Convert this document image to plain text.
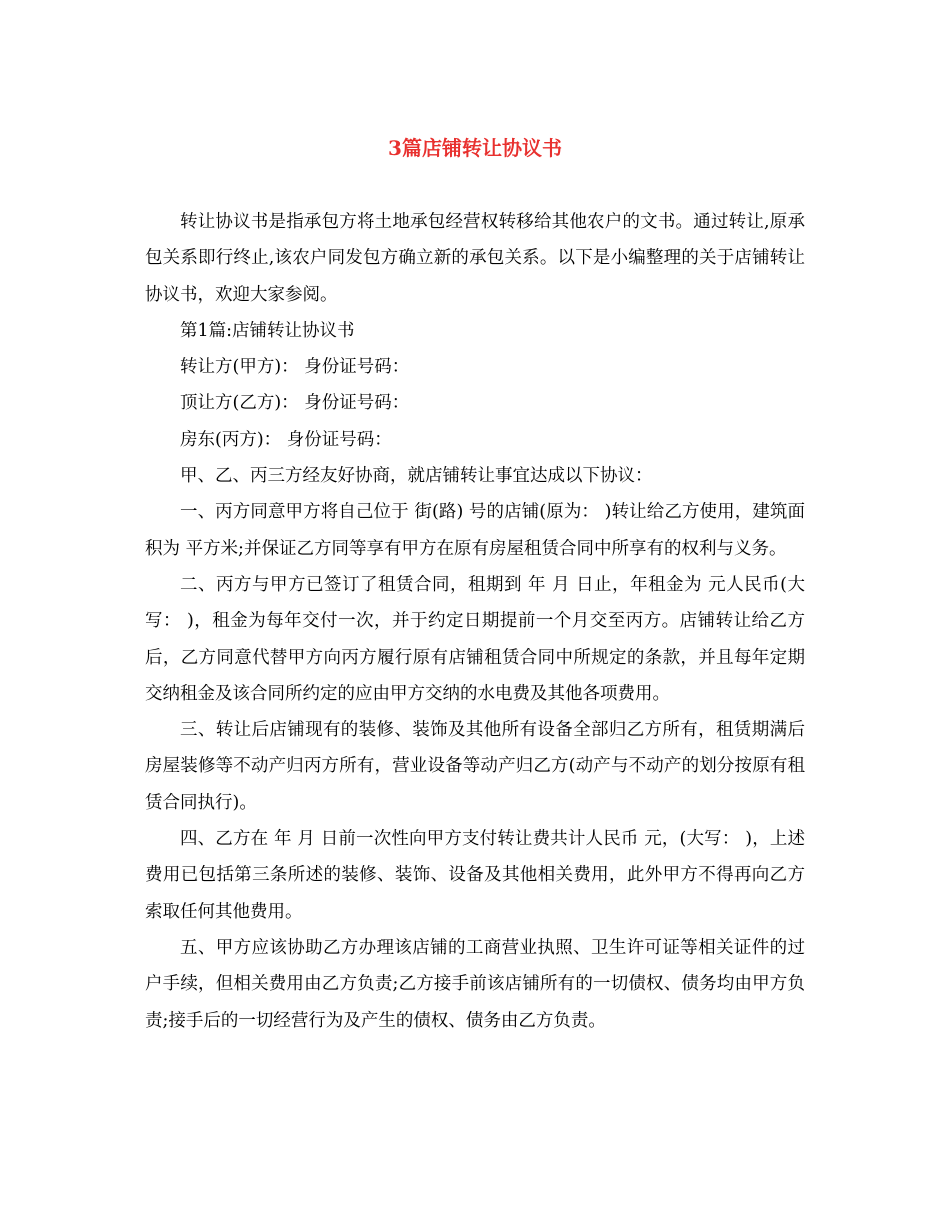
3篇店铺转让协议书

转让协议书是指承包方将土地承包经营权转移给其他农户的文书。通过转让,原承包关系即行终止,该农户同发包方确立新的承包关系。以下是小编整理的关于店铺转让协议书，欢迎大家参阅。

第1篇:店铺转让协议书

转让方(甲方)： 身份证号码：

顶让方(乙方)： 身份证号码：

房东(丙方)： 身份证号码：

甲、乙、丙三方经友好协商，就店铺转让事宜达成以下协议：

一、丙方同意甲方将自己位于 街(路) 号的店铺(原为： )转让给乙方使用，建筑面积为 平方米;并保证乙方同等享有甲方在原有房屋租赁合同中所享有的权利与义务。

二、丙方与甲方已签订了租赁合同，租期到 年 月 日止，年租金为 元人民币(大写： )，租金为每年交付一次，并于约定日期提前一个月交至丙方。店铺转让给乙方后，乙方同意代替甲方向丙方履行原有店铺租赁合同中所规定的条款，并且每年定期交纳租金及该合同所约定的应由甲方交纳的水电费及其他各项费用。

三、转让后店铺现有的装修、装饰及其他所有设备全部归乙方所有，租赁期满后房屋装修等不动产归丙方所有，营业设备等动产归乙方(动产与不动产的划分按原有租赁合同执行)。

四、乙方在 年 月 日前一次性向甲方支付转让费共计人民币 元，(大写： )，上述费用已包括第三条所述的装修、装饰、设备及其他相关费用，此外甲方不得再向乙方索取任何其他费用。

五、甲方应该协助乙方办理该店铺的工商营业执照、卫生许可证等相关证件的过户手续，但相关费用由乙方负责;乙方接手前该店铺所有的一切债权、债务均由甲方负责;接手后的一切经营行为及产生的债权、债务由乙方负责。
